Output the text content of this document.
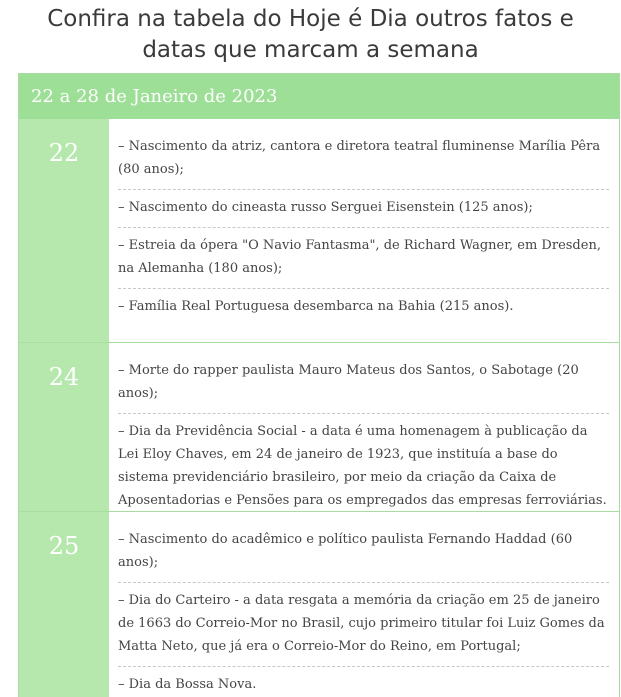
Confira na tabela do Hoje é Dia outros fatos e
datas que marcam a semana
22 a 28 de Janeiro de 2023
22	– Nascimento da atriz, cantora e diretora teatral fluminense Marília Pêra (80 anos);
– Nascimento do cineasta russo Serguei Eisenstein (125 anos);
– Estreia da ópera "O Navio Fantasma", de Richard Wagner, em Dresden, na Alemanha (180 anos);
– Família Real Portuguesa desembarca na Bahia (215 anos).
24	– Morte do rapper paulista Mauro Mateus dos Santos, o Sabotage (20 anos);
– Dia da Previdência Social - a data é uma homenagem à publicação da Lei Eloy Chaves, em 24 de janeiro de 1923, que instituía a base do sistema previdenciário brasileiro, por meio da criação da Caixa de Aposentadorias e Pensões para os empregados das empresas ferroviárias.
25	– Nascimento do acadêmico e político paulista Fernando Haddad (60 anos);
– Dia do Carteiro - a data resgata a memória da criação em 25 de janeiro de 1663 do Correio-Mor no Brasil, cujo primeiro titular foi Luiz Gomes da Matta Neto, que já era o Correio-Mor do Reino, em Portugal;
– Dia da Bossa Nova.
